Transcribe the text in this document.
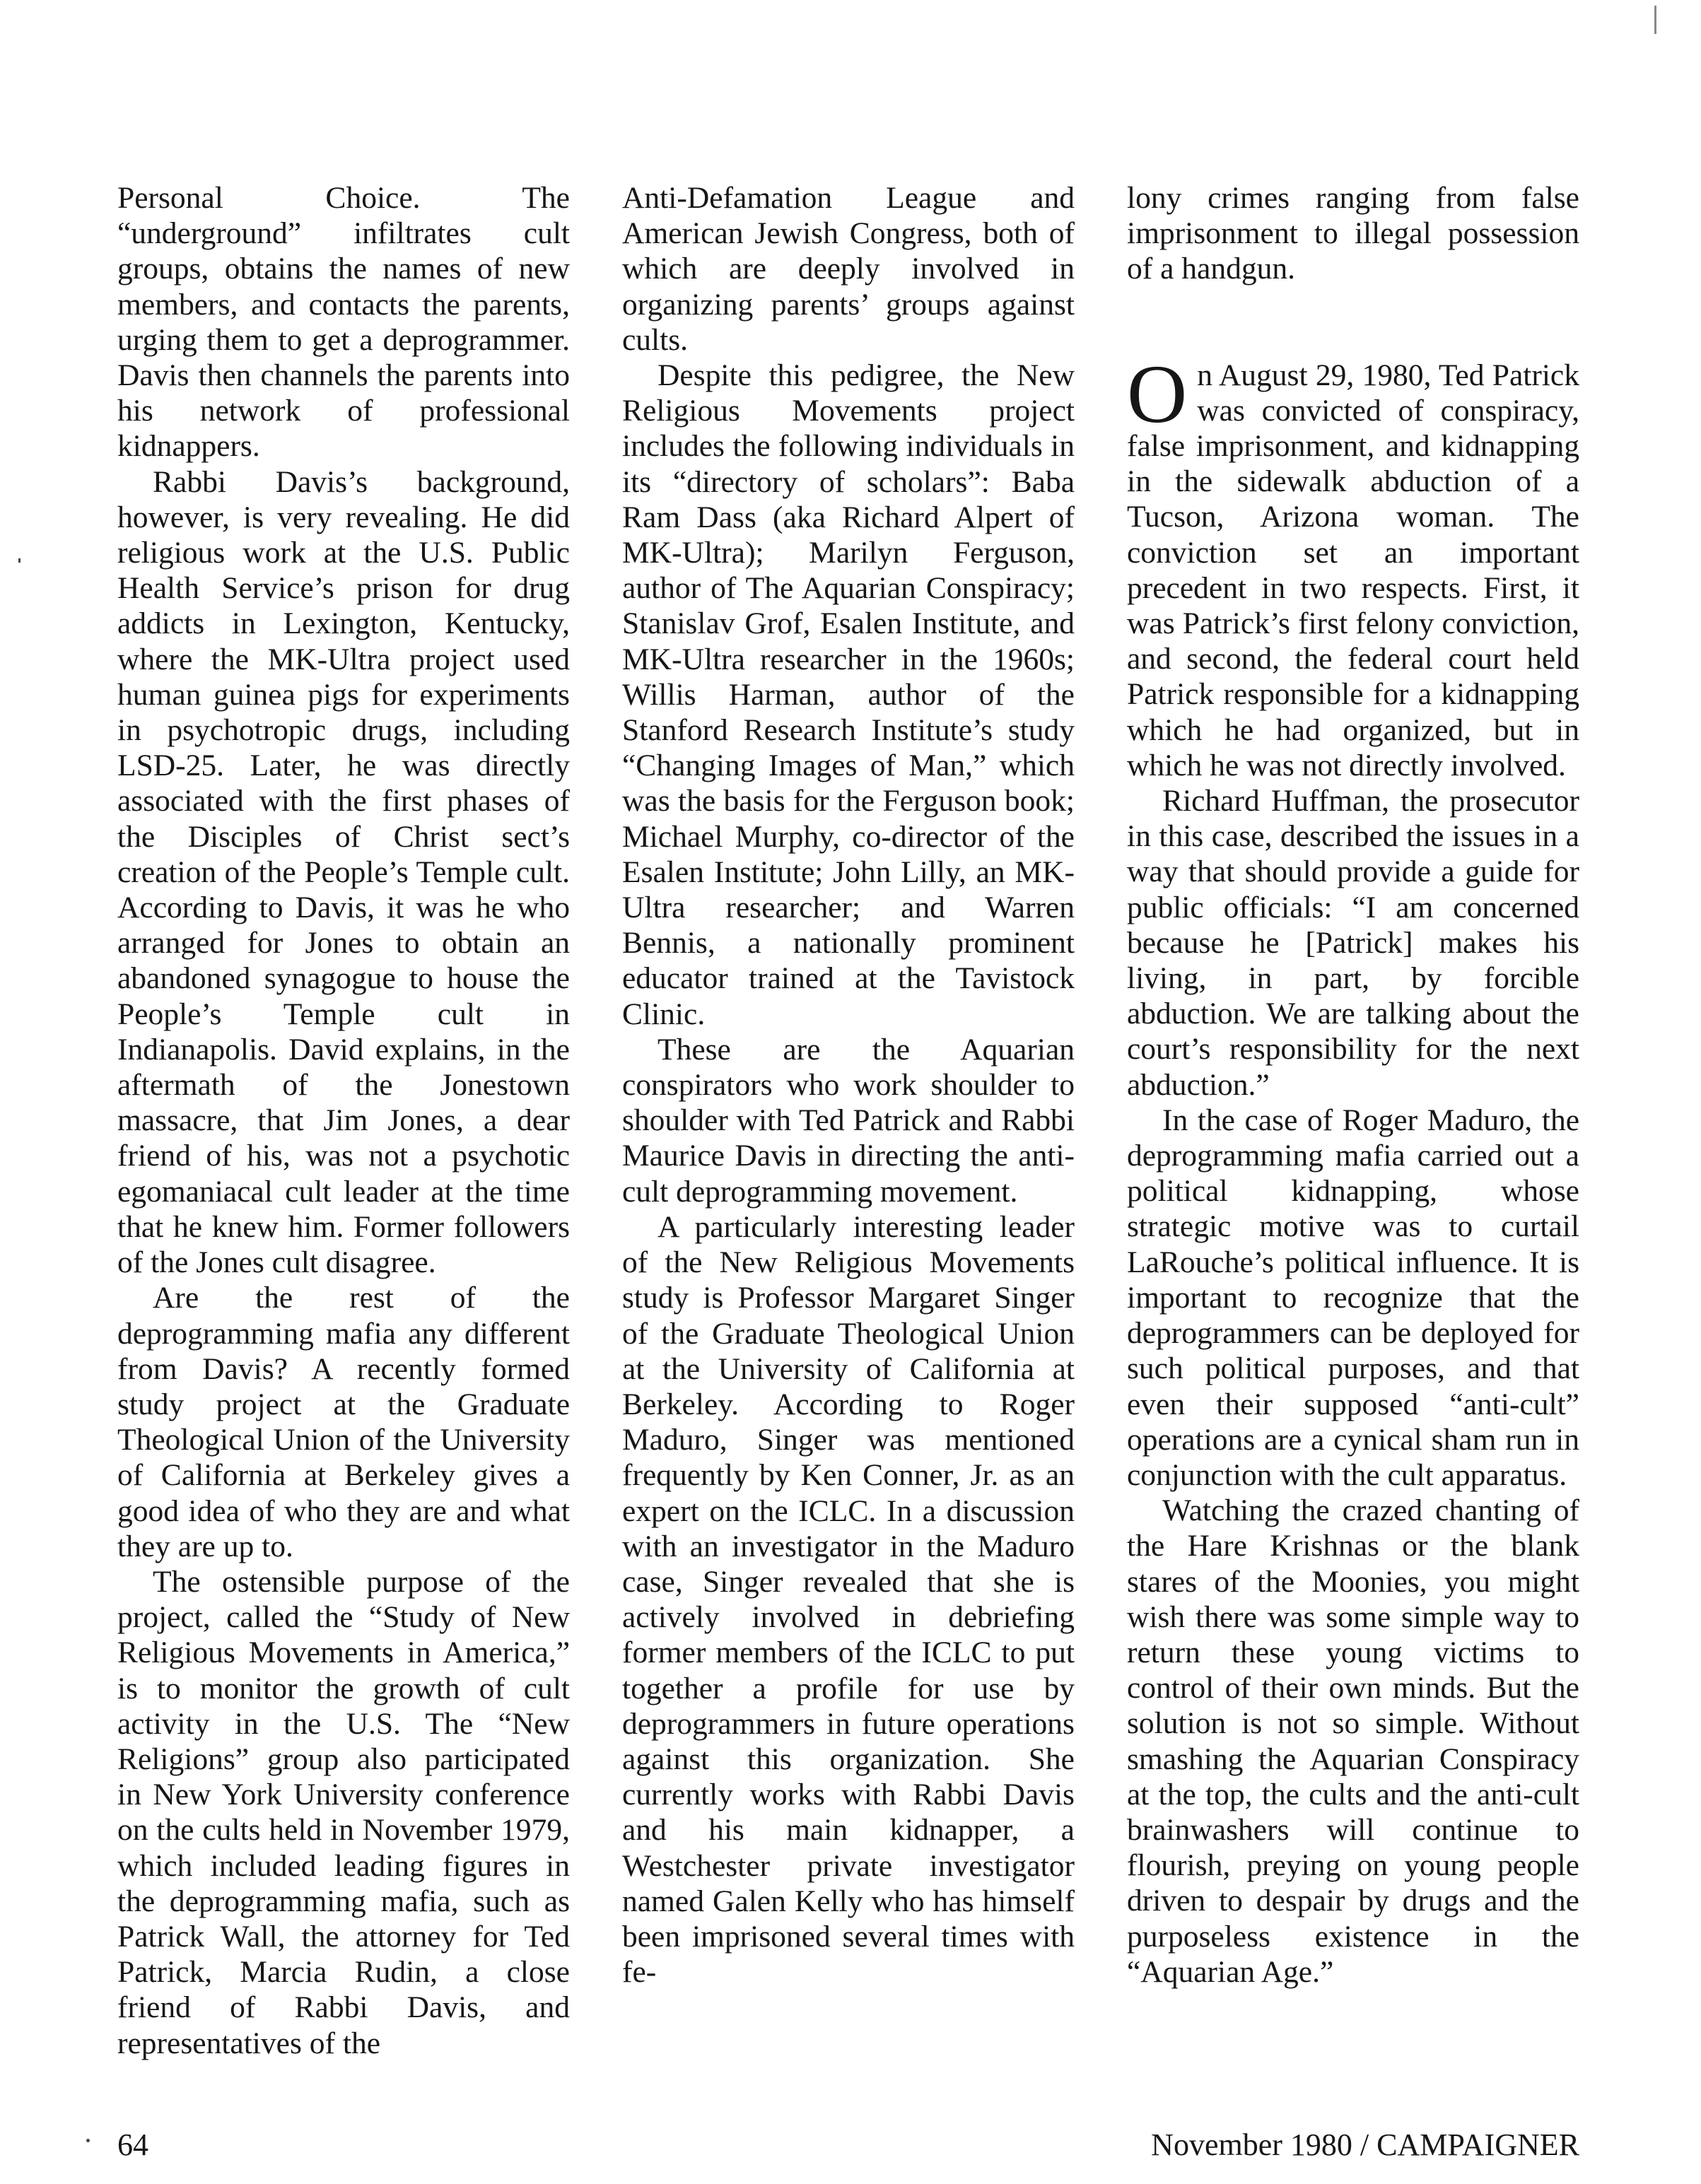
Personal Choice. The “underground” infiltrates cult groups, obtains the names of new members, and contacts the parents, urging them to get a deprogrammer. Davis then channels the parents into his network of professional kidnappers.

Rabbi Davis’s background, however, is very revealing. He did religious work at the U.S. Public Health Service’s prison for drug addicts in Lexington, Kentucky, where the MK-Ultra project used human guinea pigs for experiments in psychotropic drugs, including LSD-25. Later, he was directly associated with the first phases of the Disciples of Christ sect’s creation of the People’s Temple cult. According to Davis, it was he who arranged for Jones to obtain an abandoned synagogue to house the People’s Temple cult in Indianapolis. David explains, in the aftermath of the Jonestown massacre, that Jim Jones, a dear friend of his, was not a psychotic egomaniacal cult leader at the time that he knew him. Former followers of the Jones cult disagree.

Are the rest of the deprogramming mafia any different from Davis? A recently formed study project at the Graduate Theological Union of the University of California at Berkeley gives a good idea of who they are and what they are up to.

The ostensible purpose of the project, called the “Study of New Religious Movements in America,” is to monitor the growth of cult activity in the U.S. The “New Religions” group also participated in New York University conference on the cults held in November 1979, which included leading figures in the deprogramming mafia, such as Patrick Wall, the attorney for Ted Patrick, Marcia Rudin, a close friend of Rabbi Davis, and representatives of the

Anti-Defamation League and American Jewish Congress, both of which are deeply involved in organizing parents’ groups against cults.

Despite this pedigree, the New Religious Movements project includes the following individuals in its “directory of scholars”: Baba Ram Dass (aka Richard Alpert of MK-Ultra); Marilyn Ferguson, author of The Aquarian Conspiracy; Stanislav Grof, Esalen Institute, and MK-Ultra researcher in the 1960s; Willis Harman, author of the Stanford Research Institute’s study “Changing Images of Man,” which was the basis for the Ferguson book; Michael Murphy, co-director of the Esalen Institute; John Lilly, an MK-Ultra researcher; and Warren Bennis, a nationally prominent educator trained at the Tavistock Clinic.

These are the Aquarian conspirators who work shoulder to shoulder with Ted Patrick and Rabbi Maurice Davis in directing the anti-cult deprogramming movement.

A particularly interesting leader of the New Religious Movements study is Professor Margaret Singer of the Graduate Theological Union at the University of California at Berkeley. According to Roger Maduro, Singer was mentioned frequently by Ken Conner, Jr. as an expert on the ICLC. In a discussion with an investigator in the Maduro case, Singer revealed that she is actively involved in debriefing former members of the ICLC to put together a profile for use by deprogrammers in future operations against this organization. She currently works with Rabbi Davis and his main kidnapper, a Westchester private investigator named Galen Kelly who has himself been imprisoned several times with fe-

lony crimes ranging from false imprisonment to illegal possession of a handgun.

On August 29, 1980, Ted Patrick was convicted of conspiracy, false imprisonment, and kidnapping in the sidewalk abduction of a Tucson, Arizona woman. The conviction set an important precedent in two respects. First, it was Patrick’s first felony conviction, and second, the federal court held Patrick responsible for a kidnapping which he had organized, but in which he was not directly involved.

Richard Huffman, the prosecutor in this case, described the issues in a way that should provide a guide for public officials: “I am concerned because he [Patrick] makes his living, in part, by forcible abduction. We are talking about the court’s responsibility for the next abduction.”

In the case of Roger Maduro, the deprogramming mafia carried out a political kidnapping, whose strategic motive was to curtail LaRouche’s political influence. It is important to recognize that the deprogrammers can be deployed for such political purposes, and that even their supposed “anti-cult” operations are a cynical sham run in conjunction with the cult apparatus.

Watching the crazed chanting of the Hare Krishnas or the blank stares of the Moonies, you might wish there was some simple way to return these young victims to control of their own minds. But the solution is not so simple. Without smashing the Aquarian Conspiracy at the top, the cults and the anti-cult brainwashers will continue to flourish, preying on young people driven to despair by drugs and the purposeless existence in the “Aquarian Age.”

64	November 1980 / CAMPAIGNER
